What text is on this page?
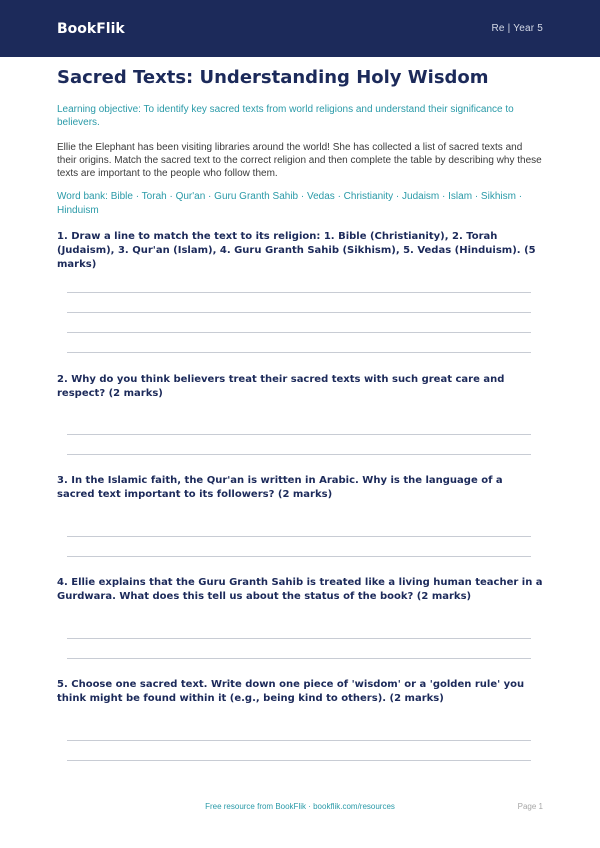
BookFlik	Re | Year 5
Sacred Texts: Understanding Holy Wisdom

Learning objective: To identify key sacred texts from world religions and understand their significance to believers.

Ellie the Elephant has been visiting libraries around the world! She has collected a list of sacred texts and their origins. Match the sacred text to the correct religion and then complete the table by describing why these texts are important to the people who follow them.

Word bank: Bible · Torah · Qur'an · Guru Granth Sahib · Vedas · Christianity · Judaism · Islam · Sikhism · Hinduism

1. Draw a line to match the text to its religion: 1. Bible (Christianity), 2. Torah (Judaism), 3. Qur'an (Islam), 4. Guru Granth Sahib (Sikhism), 5. Vedas (Hinduism). (5 marks)

2. Why do you think believers treat their sacred texts with such great care and respect? (2 marks)

3. In the Islamic faith, the Qur'an is written in Arabic. Why is the language of a sacred text important to its followers? (2 marks)

4. Ellie explains that the Guru Granth Sahib is treated like a living human teacher in a Gurdwara. What does this tell us about the status of the book? (2 marks)

5. Choose one sacred text. Write down one piece of 'wisdom' or a 'golden rule' you think might be found within it (e.g., being kind to others). (2 marks)

Free resource from BookFlik · bookflik.com/resources	Page 1
